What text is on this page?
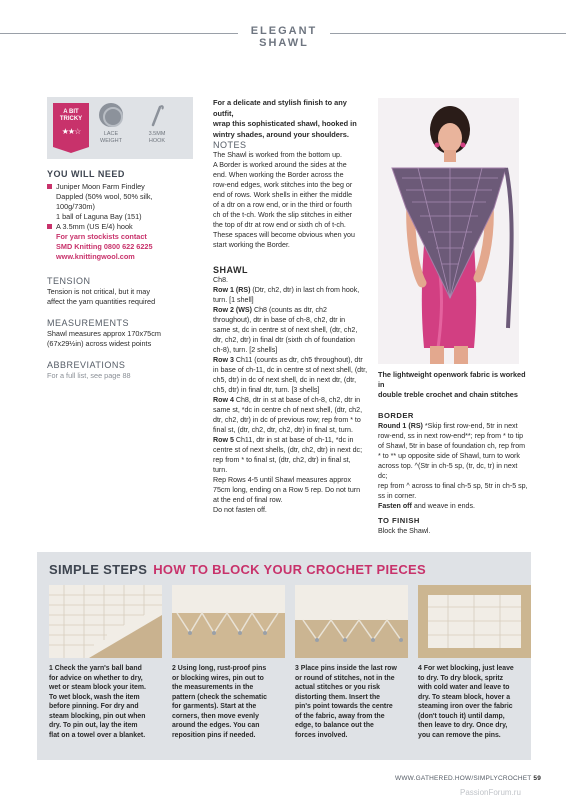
ELEGANT SHAWL
A BIT TRICKY
★★☆	LACE
WEIGHT
3.5MM
HOOK
YOU WILL NEED
Juniper Moon Farm Findley
Dappled (50% wool, 50% silk,
100g/730m)
1 ball of Laguna Bay (151)
A 3.5mm (US E/4) hook
For yarn stockists contact
SMD Knitting 0800 622 6225
www.knittingwool.com
TENSION
Tension is not critical, but it may
affect the yarn quantities required
MEASUREMENTS
Shawl measures approx 170x75cm
(67x29½in) across widest points
ABBREVIATIONS
For a full list, see page 88
For a delicate and stylish finish to any outfit,
wrap this sophisticated shawl, hooked in
wintry shades, around your shoulders.
NOTES
The Shawl is worked from the bottom up.
A Border is worked around the sides at the
end. When working the Border across the
row-end edges, work stitches into the beg or
end of rows. Work shells in either the middle
of a dtr on a row end, or in the third or fourth
ch of the t-ch. Work the slip stitches in either
the top of dtr at row end or sixth ch of t-ch.
These spaces will become obvious when you
start working the Border.
SHAWL
Ch8.
Row 1 (RS) (Dtr, ch2, dtr) in last ch from hook,
turn. [1 shell]
Row 2 (WS) Ch8 (counts as dtr, ch2
throughout), dtr in base of ch-8, ch2, dtr in
same st, dc in centre st of next shell, (dtr, ch2,
dtr, ch2, dtr) in final dtr (sixth ch of foundation
ch-8), turn. [2 shells]
Row 3 Ch11 (counts as dtr, ch5 throughout), dtr
in base of ch-11, dc in centre st of next shell, (dtr,
ch5, dtr) in dc of next shell, dc in next dtr, (dtr,
ch5, dtr) in final dtr, turn. [3 shells]
Row 4 Ch8, dtr in st at base of ch-8, ch2, dtr in
same st, *dc in centre ch of next shell, (dtr, ch2,
dtr, ch2, dtr) in dc of previous row; rep from * to
final st, (dtr, ch2, dtr, ch2, dtr) in final st, turn.
Row 5 Ch11, dtr in st at base of ch-11, *dc in
centre st of next shells, (dtr, ch2, dtr) in next dc;
rep from * to final st, (dtr, ch2, dtr) in final st,
turn.
Rep Rows 4-5 until Shawl measures approx
75cm long, ending on a Row 5 rep. Do not turn
at the end of final row.
Do not fasten off.
The lightweight openwork fabric is worked in
double treble crochet and chain stitches
BORDER
Round 1 (RS) *Skip first row-end, 5tr in next
row-end, ss in next row-end**; rep from * to tip
of Shawl, 5tr in base of foundation ch, rep from
* to ** up opposite side of Shawl, turn to work
across top. ^(Str in ch-5 sp, (tr, dc, tr) in next dc;
rep from ^ across to final ch-5 sp, 5tr in ch-5 sp,
ss in corner.
Fasten off and weave in ends.
TO FINISH
Block the Shawl.
SIMPLE STEPS HOW TO BLOCK YOUR CROCHET PIECES
1 Check the yarn's ball band
for advice on whether to dry,
wet or steam block your item.
To wet block, wash the item
before pinning. For dry and
steam blocking, pin out when
dry. To pin out, lay the item
flat on a towel over a blanket.
2 Using long, rust-proof pins
or blocking wires, pin out to
the measurements in the
pattern (check the schematic
for garments). Start at the
corners, then move evenly
around the edges. You can
reposition pins if needed.
3 Place pins inside the last row
or round of stitches, not in the
actual stitches or you risk
distorting them. Insert the
pin's point towards the centre
of the fabric, away from the
edge, to balance out the
forces involved.
4 For wet blocking, just leave
to dry. To dry block, spritz
with cold water and leave to
dry. To steam block, hover a
steaming iron over the fabric
(don't touch it) until damp,
then leave to dry. Once dry,
you can remove the pins.
WWW.GATHERED.HOW/SIMPLYCROCHET 59
PassionForum.ru
